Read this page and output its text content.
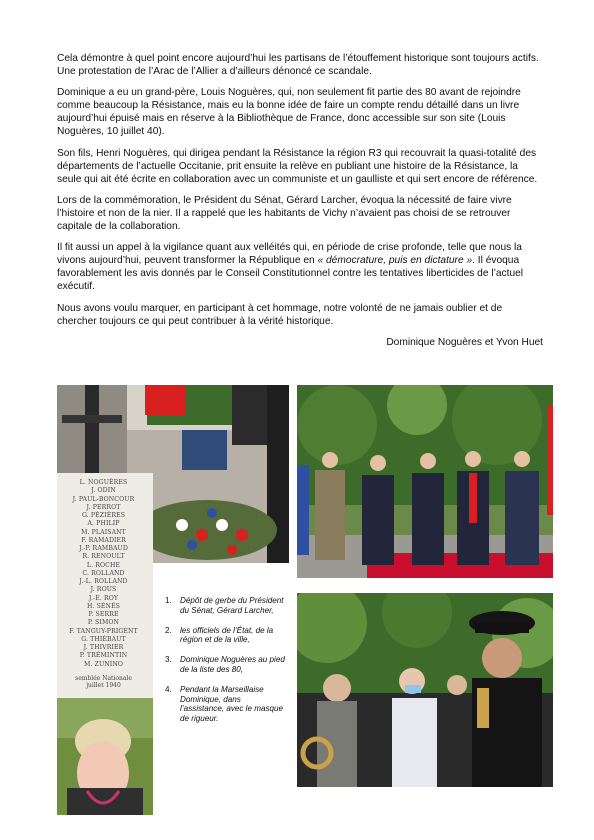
Cela démontre à quel point encore aujourd’hui les partisans de l’étouffement historique sont toujours actifs. Une protestation de l’Arac de l’Allier a d’ailleurs dénoncé ce scandale.

Dominique a eu un grand-père, Louis Noguères, qui, non seulement fit partie des 80 avant de rejoindre comme beaucoup la Résistance, mais eu la bonne idée de faire un compte rendu détaillé dans un livre aujourd’hui épuisé mais en réserve à la Bibliothèque de France, donc accessible sur son site (Louis Noguères, 10 juillet 40).

Son fils, Henri Noguères, qui dirigea pendant la Résistance la région R3 qui recouvrait la quasi-totalité des départements de l’actuelle Occitanie, prit ensuite la relève en publiant une histoire de la Résistance, la seule qui ait été écrite en collaboration avec un communiste et un gaulliste et qui sert encore de référence.

Lors de la commémoration, le Président du Sénat, Gérard Larcher, évoqua la nécessité de faire vivre l’histoire et non de la nier. Il a rappelé que les habitants de Vichy n’avaient pas choisi de se retrouver capitale de la collaboration.

Il fit aussi un appel à la vigilance quant aux velléités qui, en période de crise profonde, telle que nous la vivons aujourd’hui, peuvent transformer la République en « démocrature, puis en dictature ». Il évoqua favorablement les avis donnés par le Conseil Constitutionnel contre les tentatives liberticides de l’actuel exécutif.

Nous avons voulu marquer, en participant à cet hommage, notre volonté de ne jamais oublier et de chercher toujours ce qui peut contribuer à la vérité historique.

Dominique Noguères et Yvon Huet

L. NOGUÈRES
J. ODIN
J. PAUL-BONCOUR
J. PERROT
G. PÉZIÈRES
A. PHILIP
M. PLAISANT
F. RAMADIER
J.-P. RAMBAUD
R. RENOULT
L. ROCHE
C. ROLLAND
J.-L. ROLLAND
J. ROUS
J.-E. ROY
H. SÉNÈS
P. SERRE
P. SIMON
F. TANGUY-PRIGENT
G. THIÉBAUT
J. THIVRIER
P. TRÉMINTIN
M. ZUNINO
semblée Nationale
juillet 1940
1.	Dépôt de gerbe du Président du Sénat, Gérard Larcher,
2.	les officiels de l’État, de la région et de la ville,
3.	Dominique Noguères au pied de la liste des 80,
4.	Pendant la Marseillaise Dominique, dans l’assistance, avec le masque de rigueur.
